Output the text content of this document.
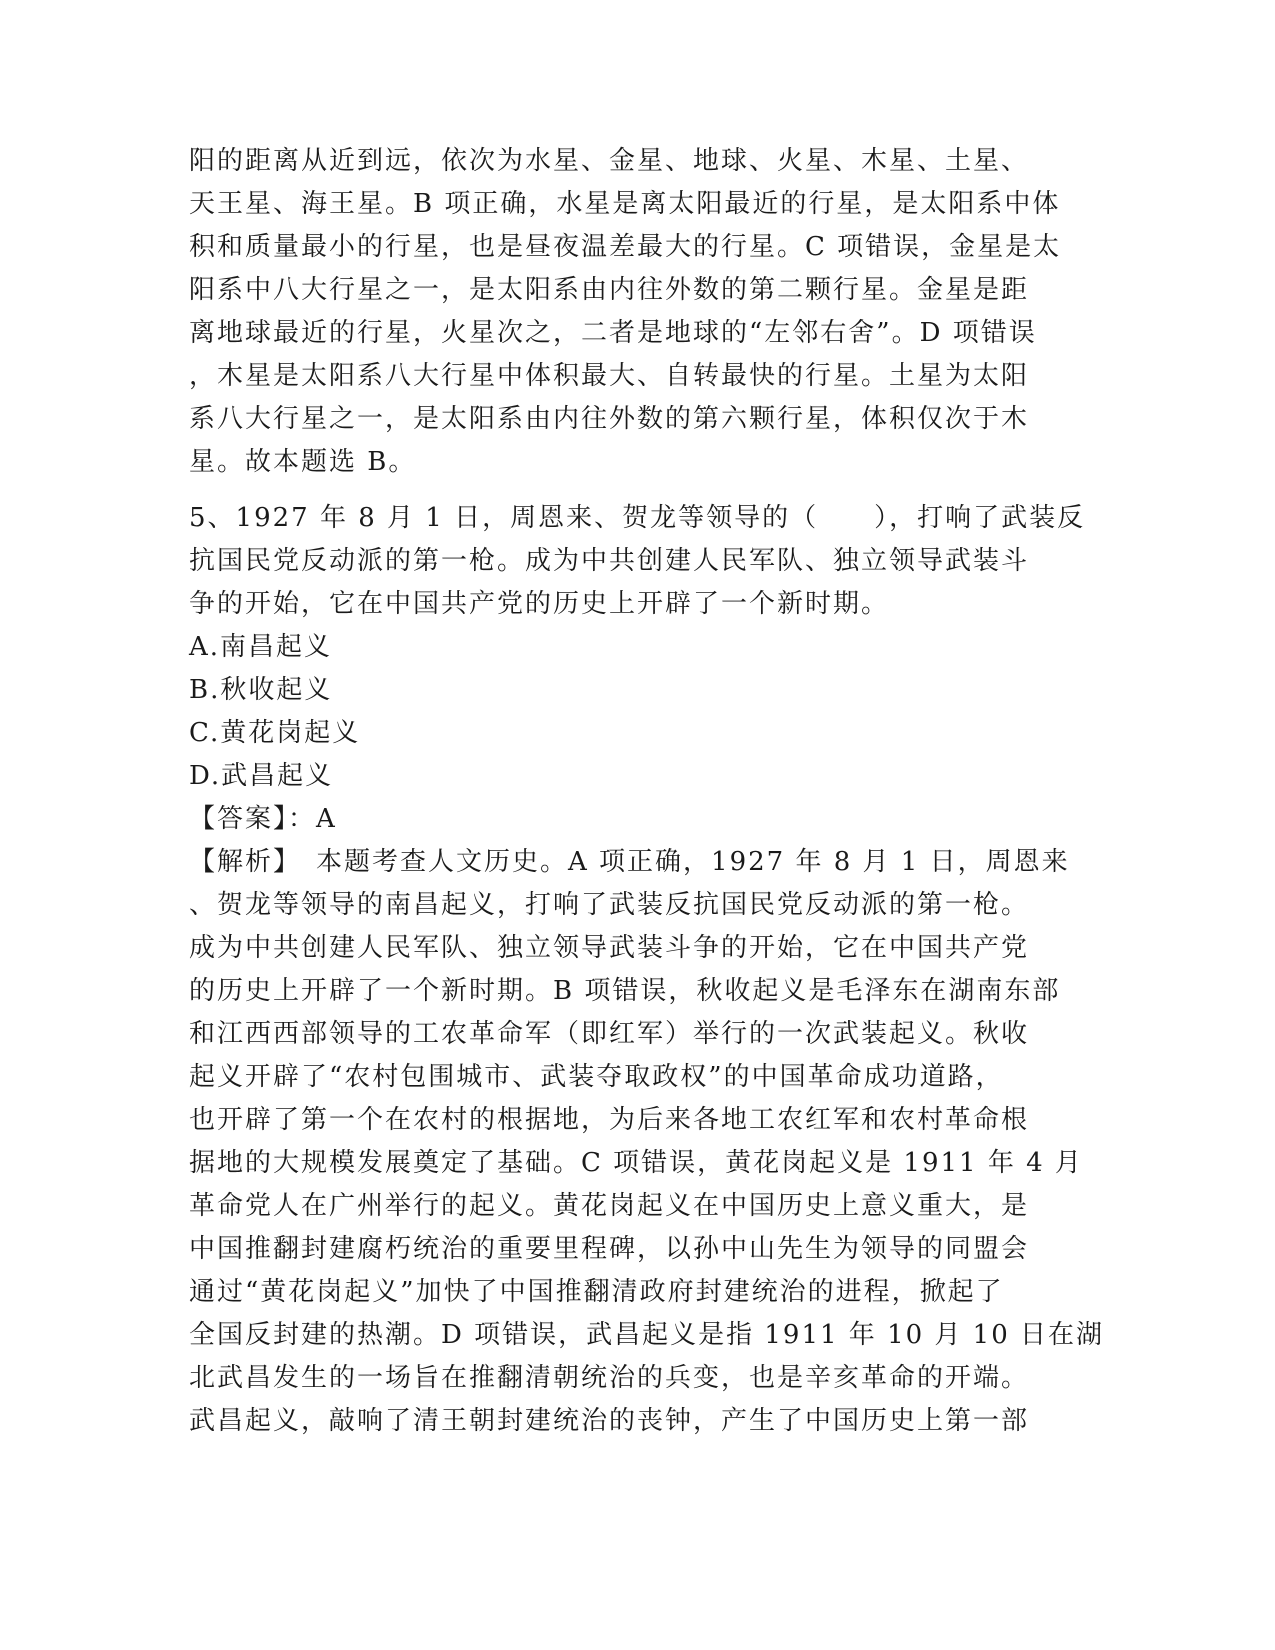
阳的距离从近到远，依次为水星、金星、地球、火星、木星、土星、
天王星、海王星。B 项正确，水星是离太阳最近的行星，是太阳系中体
积和质量最小的行星，也是昼夜温差最大的行星。C 项错误，金星是太
阳系中八大行星之一，是太阳系由内往外数的第二颗行星。金星是距
离地球最近的行星，火星次之，二者是地球的“左邻右舍”。D 项错误
，木星是太阳系八大行星中体积最大、自转最快的行星。土星为太阳
系八大行星之一，是太阳系由内往外数的第六颗行星，体积仅次于木
星。故本题选 B。
5、1927 年 8 月 1 日，周恩来、贺龙等领导的（　　），打响了武装反
抗国民党反动派的第一枪。成为中共创建人民军队、独立领导武装斗
争的开始，它在中国共产党的历史上开辟了一个新时期。
A.南昌起义
B.秋收起义
C.黄花岗起义
D.武昌起义
【答案】：A
【解析】　本题考查人文历史。A 项正确，1927 年 8 月 1 日，周恩来
、贺龙等领导的南昌起义，打响了武装反抗国民党反动派的第一枪。
成为中共创建人民军队、独立领导武装斗争的开始，它在中国共产党
的历史上开辟了一个新时期。B 项错误，秋收起义是毛泽东在湖南东部
和江西西部领导的工农革命军（即红军）举行的一次武装起义。秋收
起义开辟了“农村包围城市、武装夺取政权”的中国革命成功道路，
也开辟了第一个在农村的根据地，为后来各地工农红军和农村革命根
据地的大规模发展奠定了基础。C 项错误，黄花岗起义是 1911 年 4 月
革命党人在广州举行的起义。黄花岗起义在中国历史上意义重大，是
中国推翻封建腐朽统治的重要里程碑，以孙中山先生为领导的同盟会
通过“黄花岗起义”加快了中国推翻清政府封建统治的进程，掀起了
全国反封建的热潮。D 项错误，武昌起义是指 1911 年 10 月 10 日在湖
北武昌发生的一场旨在推翻清朝统治的兵变，也是辛亥革命的开端。
武昌起义，敲响了清王朝封建统治的丧钟，产生了中国历史上第一部
